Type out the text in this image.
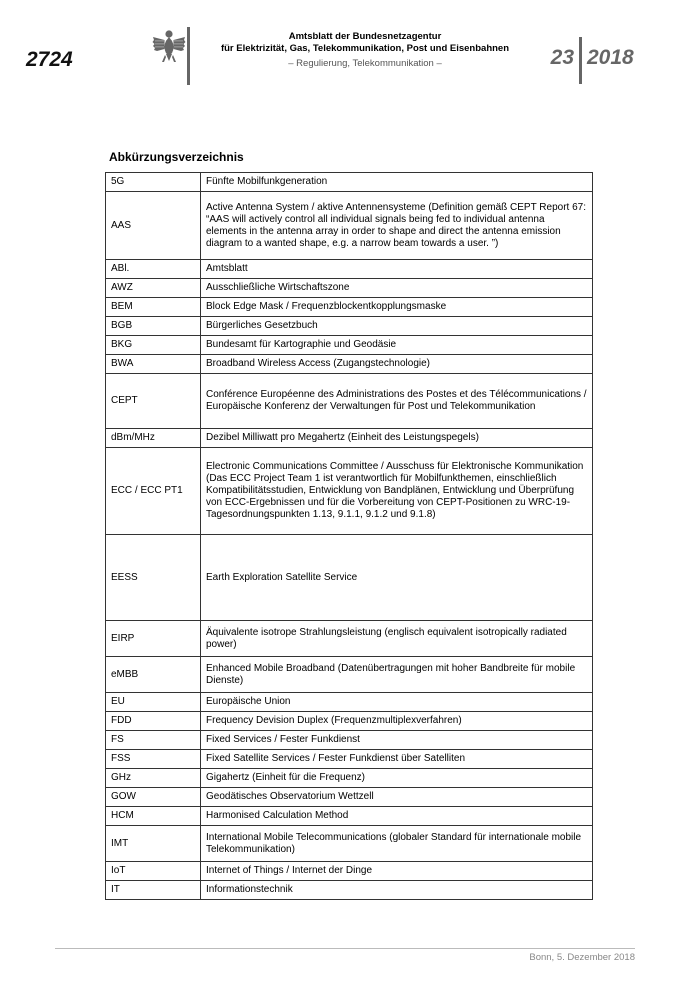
2724
Amtsblatt der Bundesnetzagentur
für Elektrizität, Gas, Telekommunikation, Post und Eisenbahnen
– Regulierung, Telekommunikation –	23 2018
Abkürzungsverzeichnis
5G	Fünfte Mobilfunkgeneration
AAS	Active Antenna System / aktive Antennensysteme (Definition gemäß CEPT Report 67: “AAS will actively control all individual signals being fed to individual antenna elements in the antenna array in order to shape and direct the antenna emission diagram to a wanted shape, e.g. a narrow beam towards a user. ”)
ABl.	Amtsblatt
AWZ	Ausschließliche Wirtschaftszone
BEM	Block Edge Mask / Frequenzblockentkopplungsmaske
BGB	Bürgerliches Gesetzbuch
BKG	Bundesamt für Kartographie und Geodäsie
BWA	Broadband Wireless Access (Zugangstechnologie)
CEPT	Conférence Européenne des Administrations des Postes et des Télécommunications / Europäische Konferenz der Verwaltungen für Post und Telekommunikation
dBm/MHz	Dezibel Milliwatt pro Megahertz (Einheit des Leistungspegels)
ECC / ECC PT1	Electronic Communications Committee / Ausschuss für Elektronische Kommunikation (Das ECC Project Team 1 ist verantwortlich für Mobilfunkthemen, einschließlich Kompatibilitätsstudien, Entwicklung von Bandplänen, Entwicklung und Überprüfung von ECC-Ergebnissen und für die Vorbereitung von CEPT-Positionen zu WRC-19-Tagesordnungspunkten 1.13, 9.1.1, 9.1.2 und 9.1.8)
EESS	Earth Exploration Satellite Service
EIRP	Äquivalente isotrope Strahlungsleistung (englisch equivalent isotropically radiated power)
eMBB	Enhanced Mobile Broadband (Datenübertragungen mit hoher Bandbreite für mobile Dienste)
EU	Europäische Union
FDD	Frequency Devision Duplex (Frequenzmultiplexverfahren)
FS	Fixed Services / Fester Funkdienst
FSS	Fixed Satellite Services / Fester Funkdienst über Satelliten
GHz	Gigahertz (Einheit für die Frequenz)
GOW	Geodätisches Observatorium Wettzell
HCM	Harmonised Calculation Method
IMT	International Mobile Telecommunications (globaler Standard für internationale mobile Telekommunikation)
IoT	Internet of Things / Internet der Dinge
IT	Informationstechnik
Bonn, 5. Dezember 2018
